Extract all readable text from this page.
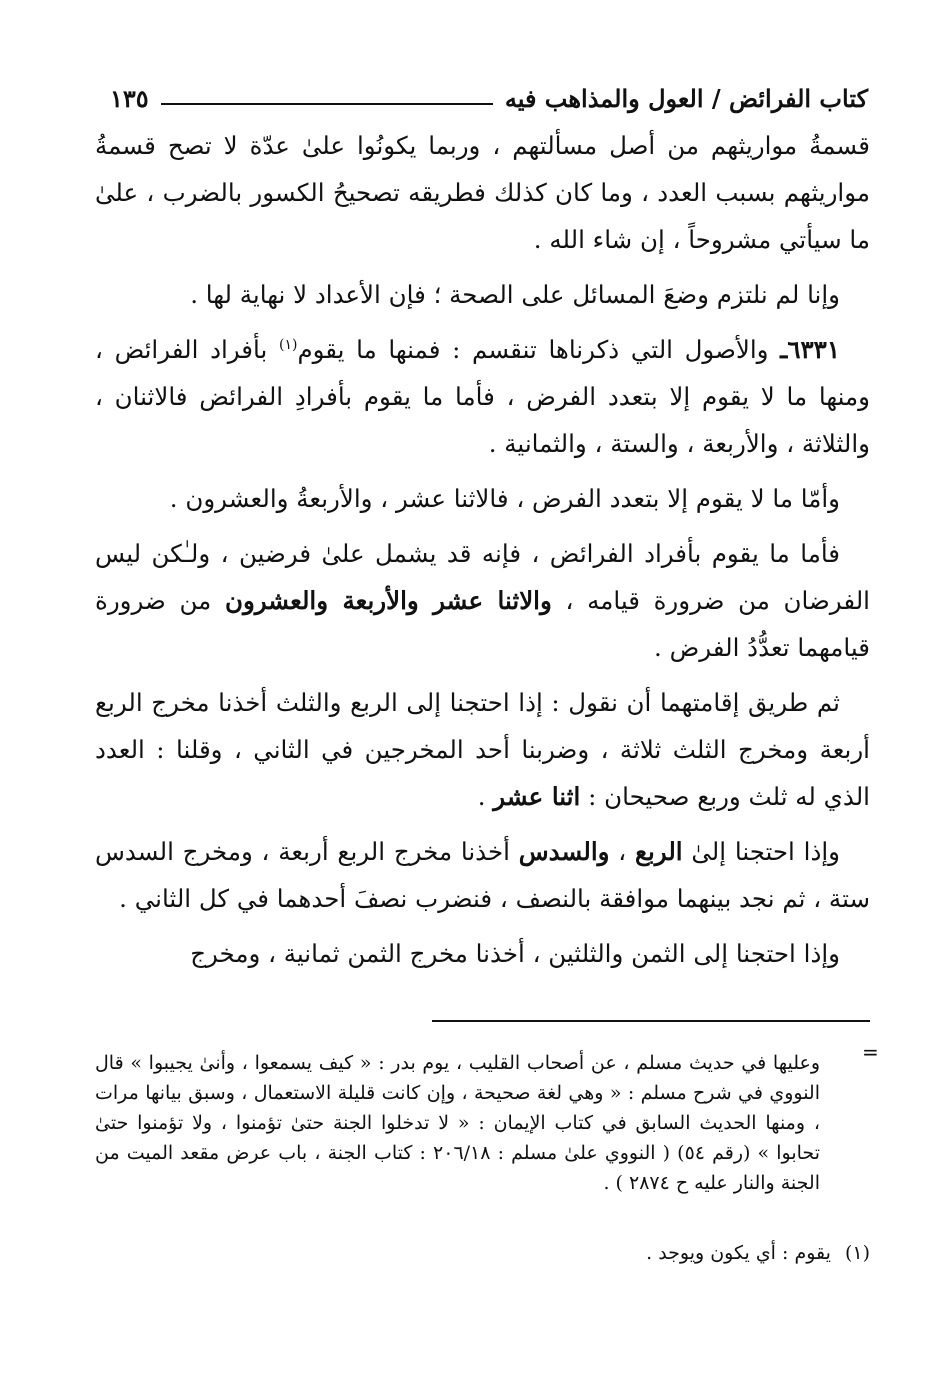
كتاب الفرائض / العول والمذاهب فيه
١٣٥

قسمةُ مواريثهم من أصل مسألتهم ، وربما يكونُوا علىٰ عدّة لا تصح قسمةُ مواريثهم بسبب العدد ، وما كان كذلك فطريقه تصحيحُ الكسور بالضرب ، علىٰ ما سيأتي مشروحاً ، إن شاء الله .

وإنا لم نلتزم وضعَ المسائل على الصحة ؛ فإن الأعداد لا نهاية لها .

٦٣٣١ـ والأصول التي ذكرناها تنقسم : فمنها ما يقوم$^{(١)}$ بأفراد الفرائض ، ومنها ما لا يقوم إلا بتعدد الفرض ، فأما ما يقوم بأفرادِ الفرائض فالاثنان ، والثلاثة ، والأربعة ، والستة ، والثمانية .

وأمّا ما لا يقوم إلا بتعدد الفرض ، فالاثنا عشر ، والأربعةُ والعشرون .

فأما ما يقوم بأفراد الفرائض ، فإنه قد يشمل علىٰ فرضين ، ولـٰكن ليس الفرضان من ضرورة قيامه ، والاثنا عشر والأربعة والعشرون من ضرورة قيامهما تعدُّدُ الفرض .

ثم طريق إقامتهما أن نقول : إذا احتجنا إلى الربع والثلث أخذنا مخرج الربع أربعة ومخرج الثلث ثلاثة ، وضربنا أحد المخرجين في الثاني ، وقلنا : العدد الذي له ثلث وربع صحيحان : اثنا عشر .

وإذا احتجنا إلىٰ الربع ، والسدس أخذنا مخرج الربع أربعة ، ومخرج السدس ستة ، ثم نجد بينهما موافقة بالنصف ، فنضرب نصفَ أحدهما في كل الثاني .

وإذا احتجنا إلى الثمن والثلثين ، أخذنا مخرج الثمن ثمانية ، ومخرج

=

وعليها في حديث مسلم ، عن أصحاب القليب ، يوم بدر : « كيف يسمعوا ، وأنىٰ يجيبوا » قال النووي في شرح مسلم : « وهي لغة صحيحة ، وإن كانت قليلة الاستعمال ، وسبق بيانها مرات ، ومنها الحديث السابق في كتاب الإيمان : « لا تدخلوا الجنة حتىٰ تؤمنوا ، ولا تؤمنوا حتىٰ تحابوا » (رقم ٥٤) ( النووي علىٰ مسلم : ٢٠٦/١٨ : كتاب الجنة ، باب عرض مقعد الميت من الجنة والنار عليه ح ٢٨٧٤ ) .

(١)يقوم : أي يكون ويوجد .
